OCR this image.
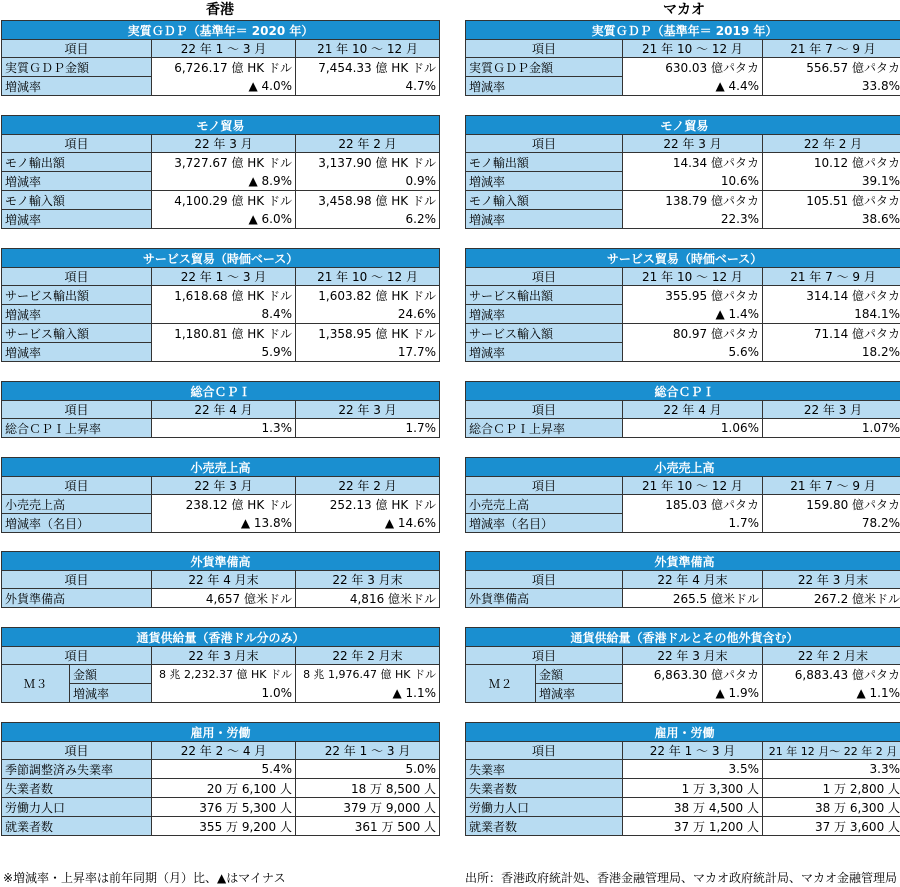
香港
実質ＧＤＰ（基準年＝ 2020 年）		
項目	22 年 1 ～ 3 月	21 年 10 ～ 12 月
実質ＧＤＰ金額	6,726.17 億 HK ドル	7,454.33 億 HK ドル
増減率	▲ 4.0%	4.7%
モノ貿易		
項目	22 年 3 月	22 年 2 月
モノ輸出額	3,727.67 億 HK ドル	3,137.90 億 HK ドル
増減率	▲ 8.9%	0.9%
モノ輸入額	4,100.29 億 HK ドル	3,458.98 億 HK ドル
増減率	▲ 6.0%	6.2%
サービス貿易（時価ベース）		
項目	22 年 1 ～ 3 月	21 年 10 ～ 12 月
サービス輸出額	1,618.68 億 HK ドル	1,603.82 億 HK ドル
増減率	8.4%	24.6%
サービス輸入額	1,180.81 億 HK ドル	1,358.95 億 HK ドル
増減率	5.9%	17.7%
総合ＣＰＩ		
項目	22 年 4 月	22 年 3 月
総合ＣＰＩ上昇率	1.3%	1.7%
小売売上高		
項目	22 年 3 月	22 年 2 月
小売売上高	238.12 億 HK ドル	252.13 億 HK ドル
増減率（名目）	▲ 13.8%	▲ 14.6%
外貨準備高		
項目	22 年 4 月末	22 年 3 月末
外貨準備高	4,657 億米ドル	4,816 億米ドル
通貨供給量（香港ドル分のみ）			
項目		22 年 3 月末	22 年 2 月末
Ｍ３	金額	8 兆 2,232.37 億 HK ドル	8 兆 1,976.47 億 HK ドル
	増減率	1.0%	▲ 1.1%
雇用・労働		
項目	22 年 2 ～ 4 月	22 年 1 ～ 3 月
季節調整済み失業率	5.4%	5.0%
失業者数	20 万 6,100 人	18 万 8,500 人
労働力人口	376 万 5,300 人	379 万 9,000 人
就業者数	355 万 9,200 人	361 万 500 人
マカオ
実質ＧＤＰ（基準年＝ 2019 年）		
項目	21 年 10 ～ 12 月	21 年 7 ～ 9 月
実質ＧＤＰ金額	630.03 億パタカ	556.57 億パタカ
増減率	▲ 4.4%	33.8%
モノ貿易		
項目	22 年 3 月	22 年 2 月
モノ輸出額	14.34 億パタカ	10.12 億パタカ
増減率	10.6%	39.1%
モノ輸入額	138.79 億パタカ	105.51 億パタカ
増減率	22.3%	38.6%
サービス貿易（時価ベース）		
項目	21 年 10 ～ 12 月	21 年 7 ～ 9 月
サービス輸出額	355.95 億パタカ	314.14 億パタカ
増減率	▲ 1.4%	184.1%
サービス輸入額	80.97 億パタカ	71.14 億パタカ
増減率	5.6%	18.2%
総合ＣＰＩ		
項目	22 年 4 月	22 年 3 月
総合ＣＰＩ上昇率	1.06%	1.07%
小売売上高		
項目	21 年 10 ～ 12 月	21 年 7 ～ 9 月
小売売上高	185.03 億パタカ	159.80 億パタカ
増減率（名目）	1.7%	78.2%
外貨準備高		
項目	22 年 4 月末	22 年 3 月末
外貨準備高	265.5 億米ドル	267.2 億米ドル
通貨供給量（香港ドルとその他外貨含む）			
項目		22 年 3 月末	22 年 2 月末
Ｍ２	金額	6,863.30 億パタカ	6,883.43 億パタカ
	増減率	▲ 1.9%	▲ 1.1%
雇用・労働		
項目	22 年 1 ～ 3 月	21 年 12 月～ 22 年 2 月
失業率	3.5%	3.3%
失業者数	1 万 3,300 人	1 万 2,800 人
労働力人口	38 万 4,500 人	38 万 6,300 人
就業者数	37 万 1,200 人	37 万 3,600 人
※増減率・上昇率は前年同期（月）比、▲はマイナス	出所：香港政府統計処、香港金融管理局、マカオ政府統計局、マカオ金融管理局
